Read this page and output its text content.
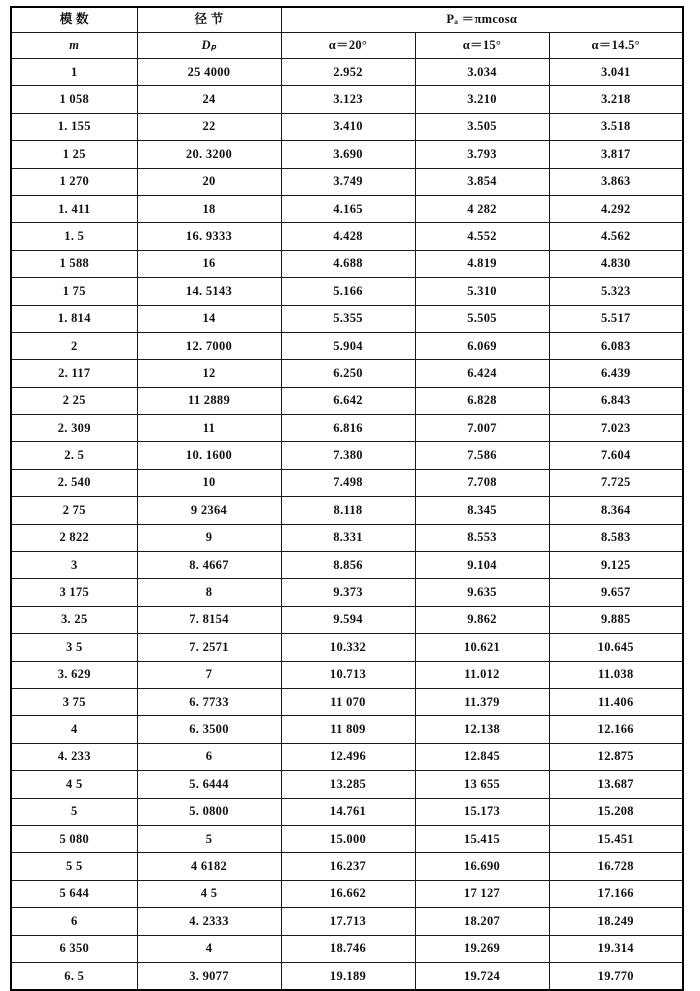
模 数	径 节	Pₐ ＝πmcosα		
m	Dₚ	α＝20°	α＝15°	α＝14.5°
1	25 4000	2.952	3.034	3.041
1 058	24	3.123	3.210	3.218
1. 155	22	3.410	3.505	3.518
1 25	20. 3200	3.690	3.793	3.817
1 270	20	3.749	3.854	3.863
1. 411	18	4.165	4 282	4.292
1. 5	16. 9333	4.428	4.552	4.562
1 588	16	4.688	4.819	4.830
1 75	14. 5143	5.166	5.310	5.323
1. 814	14	5.355	5.505	5.517
2	12. 7000	5.904	6.069	6.083
2. 117	12	6.250	6.424	6.439
2 25	11 2889	6.642	6.828	6.843
2. 309	11	6.816	7.007	7.023
2. 5	10. 1600	7.380	7.586	7.604
2. 540	10	7.498	7.708	7.725
2 75	9 2364	8.118	8.345	8.364
2 822	9	8.331	8.553	8.583
3	8. 4667	8.856	9.104	9.125
3 175	8	9.373	9.635	9.657
3. 25	7. 8154	9.594	9.862	9.885
3 5	7. 2571	10.332	10.621	10.645
3. 629	7	10.713	11.012	11.038
3 75	6. 7733	11 070	11.379	11.406
4	6. 3500	11 809	12.138	12.166
4. 233	6	12.496	12.845	12.875
4 5	5. 6444	13.285	13 655	13.687
5	5. 0800	14.761	15.173	15.208
5 080	5	15.000	15.415	15.451
5 5	4 6182	16.237	16.690	16.728
5 644	4 5	16.662	17 127	17.166
6	4. 2333	17.713	18.207	18.249
6 350	4	18.746	19.269	19.314
6. 5	3. 9077	19.189	19.724	19.770
